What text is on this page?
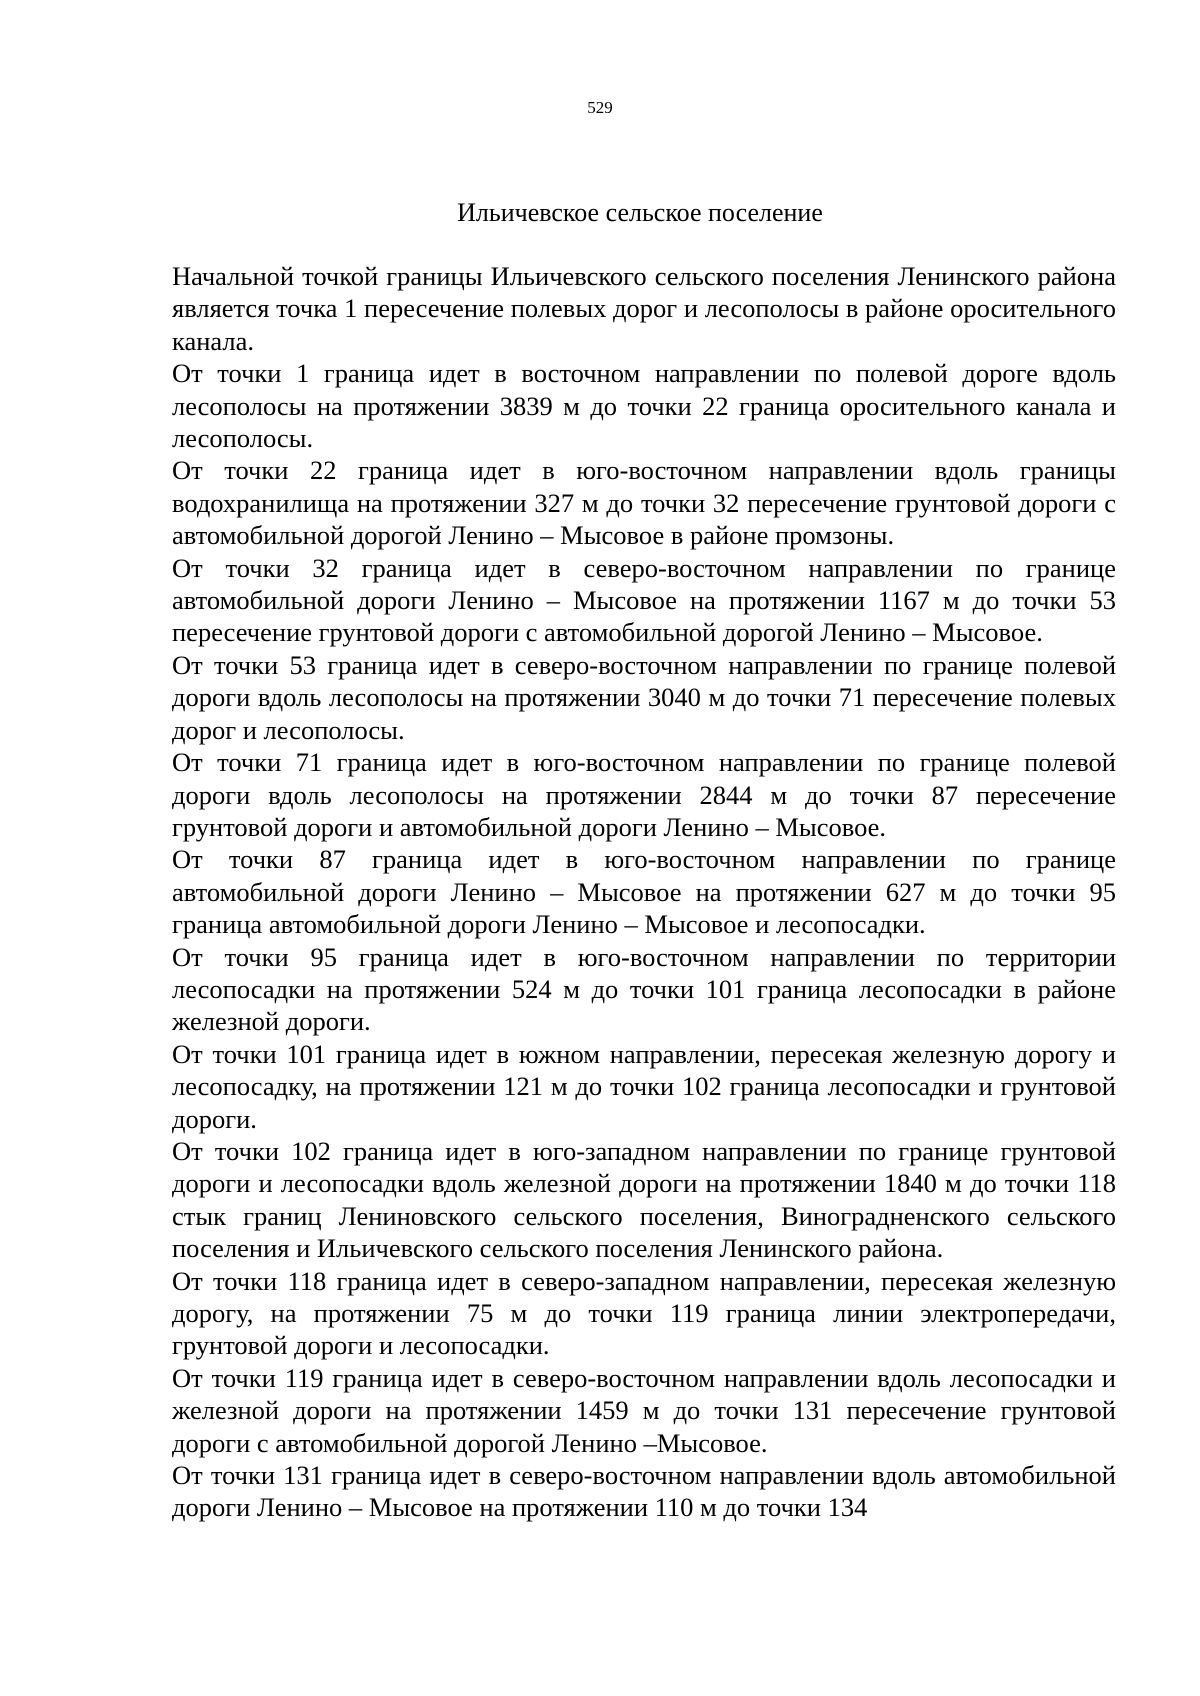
529
Ильичевское сельское поселение

Начальной точкой границы Ильичевского сельского поселения Ленинского района является точка 1 пересечение полевых дорог и лесополосы в районе оросительного канала.

От точки 1 граница идет в восточном направлении по полевой дороге вдоль лесополосы на протяжении 3839 м до точки 22 граница оросительного канала и лесополосы.

От точки 22 граница идет в юго-восточном направлении вдоль границы водохранилища на протяжении 327 м до точки 32 пересечение грунтовой дороги с автомобильной дорогой Ленино – Мысовое в районе промзоны.

От точки 32 граница идет в северо-восточном направлении по границе автомобильной дороги Ленино – Мысовое на протяжении 1167 м до точки 53 пересечение грунтовой дороги с автомобильной дорогой Ленино – Мысовое.

От точки 53 граница идет в северо-восточном направлении по границе полевой дороги вдоль лесополосы на протяжении 3040 м до точки 71 пересечение полевых дорог и лесополосы.

От точки 71 граница идет в юго-восточном направлении по границе полевой дороги вдоль лесополосы на протяжении 2844 м до точки 87 пересечение грунтовой дороги и автомобильной дороги Ленино – Мысовое.

От точки 87 граница идет в юго-восточном направлении по границе автомобильной дороги Ленино – Мысовое на протяжении 627 м до точки 95 граница автомобильной дороги Ленино – Мысовое и лесопосадки.

От точки 95 граница идет в юго-восточном направлении по территории лесопосадки на протяжении 524 м до точки 101 граница лесопосадки в районе железной дороги.

От точки 101 граница идет в южном направлении, пересекая железную дорогу и лесопосадку, на протяжении 121 м до точки 102 граница лесопосадки и грунтовой дороги.

От точки 102 граница идет в юго-западном направлении по границе грунтовой дороги и лесопосадки вдоль железной дороги на протяжении 1840 м до точки 118 стык границ Лениновского сельского поселения, Виноградненского сельского поселения и Ильичевского сельского поселения Ленинского района.

От точки 118 граница идет в северо-западном направлении, пересекая железную дорогу, на протяжении 75 м до точки 119 граница линии электропередачи, грунтовой дороги и лесопосадки.

От точки 119 граница идет в северо-восточном направлении вдоль лесопосадки и железной дороги на протяжении 1459 м до точки 131 пересечение грунтовой дороги с автомобильной дорогой Ленино –Мысовое.

От точки 131 граница идет в северо-восточном направлении вдоль автомобильной дороги Ленино – Мысовое на протяжении 110 м до точки 134
